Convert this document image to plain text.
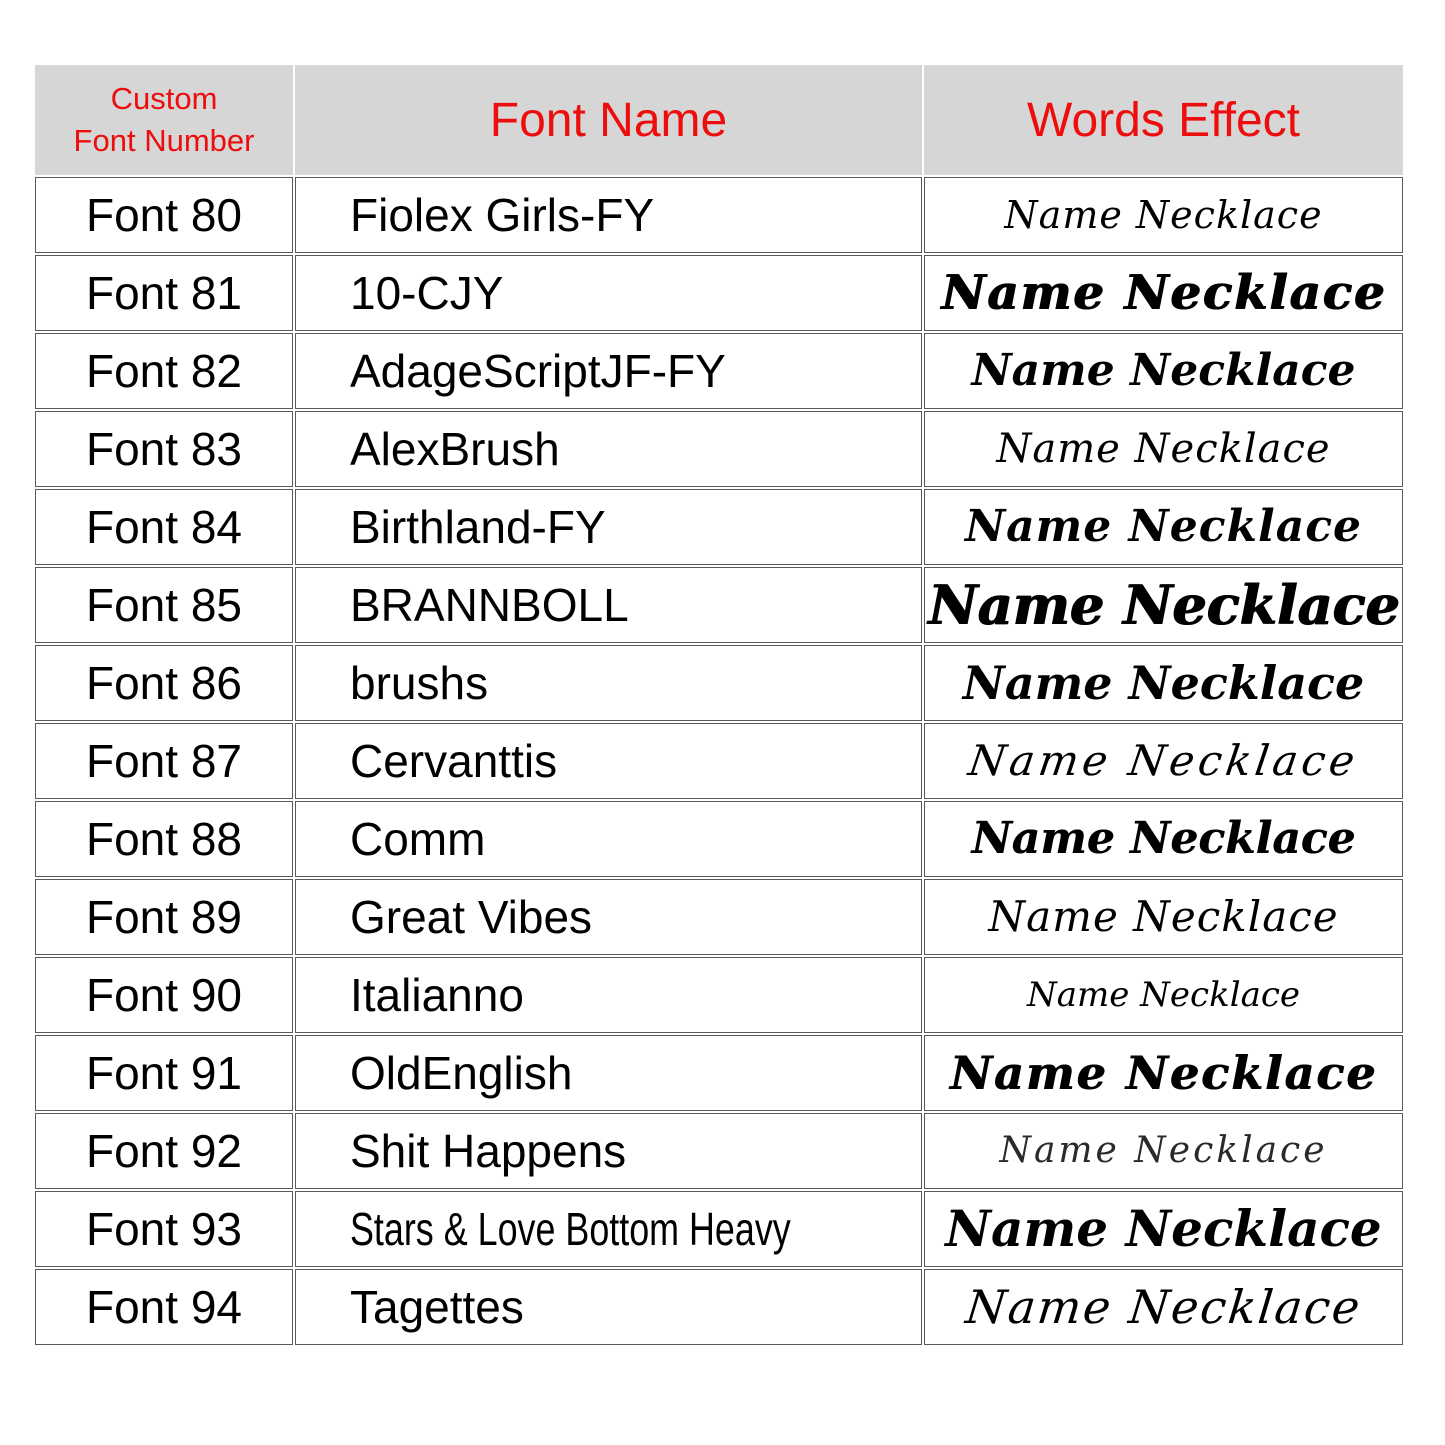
Custom
Font Number	Font Name	Words Effect
Font 80	Fiolex Girls-FY	Name Necklace
Font 81	10-CJY	Name Necklace
Font 82	AdageScriptJF-FY	Name Necklace
Font 83	AlexBrush	Name Necklace
Font 84	Birthland-FY	Name Necklace
Font 85	BRANNBOLL	Name Necklace
Font 86	brushs	Name Necklace
Font 87	Cervanttis	Name Necklace
Font 88	Comm	Name Necklace
Font 89	Great Vibes	Name Necklace
Font 90	Italianno	Name Necklace
Font 91	OldEnglish	Name Necklace
Font 92	Shit Happens	Name Necklace
Font 93	Stars & Love Bottom Heavy	Name Necklace
Font 94	Tagettes	Name Necklace
